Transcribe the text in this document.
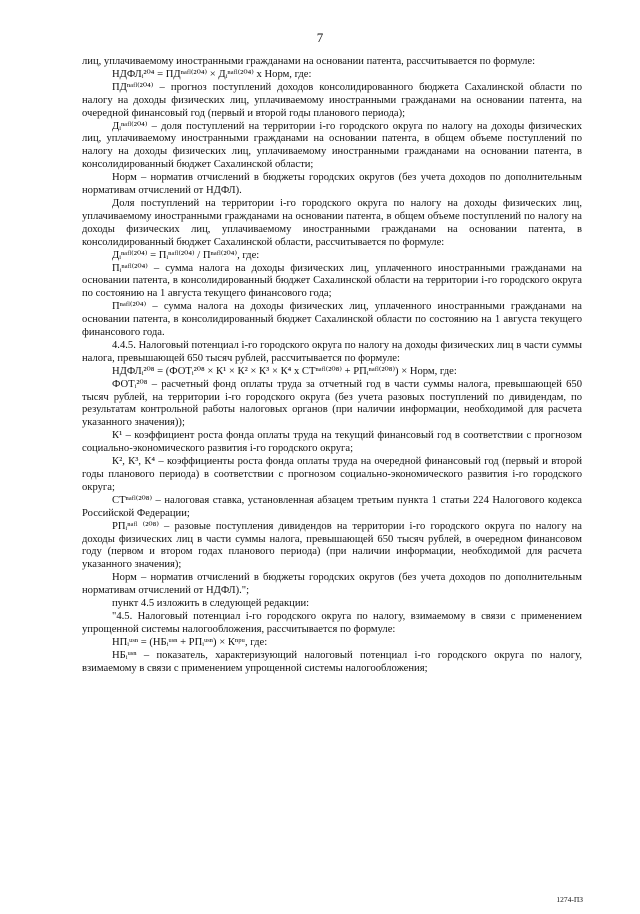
7

лиц, уплачиваемому иностранными гражданами на основании патента, рассчитывается по формуле:

НДФЛᵢ²⁰⁴ = ПДⁿᵃᶠˡ⁽²⁰⁴⁾ × Дᵢⁿᵃᶠˡ⁽²⁰⁴⁾ х Норм, где:

ПДⁿᵃᶠˡ⁽²⁰⁴⁾ – прогноз поступлений доходов консолидированного бюджета Сахалинской области по налогу на доходы физических лиц, уплачиваемому иностранными гражданами на основании патента, на очередной финансовый год (первый и второй годы планового периода);

Дᵢⁿᵃᶠˡ⁽²⁰⁴⁾ – доля поступлений на территории i-го городского округа по налогу на доходы физических лиц, уплачиваемому иностранными гражданами на основании патента, в общем объеме поступлений по налогу на доходы физических лиц, уплачиваемому иностранными гражданами на основании патента, в консолидированный бюджет Сахалинской области;

Норм – норматив отчислений в бюджеты городских округов (без учета доходов по дополнительным нормативам отчислений от НДФЛ).

Доля поступлений на территории i-го городского округа по налогу на доходы физических лиц, уплачиваемому иностранными гражданами на основании патента, в общем объеме поступлений по налогу на доходы физических лиц, уплачиваемому иностранными гражданами на основании патента, в консолидированный бюджет Сахалинской области, рассчитывается по формуле:

Дᵢⁿᵃᶠˡ⁽²⁰⁴⁾ = Пᵢⁿᵃᶠˡ⁽²⁰⁴⁾ / Пⁿᵃᶠˡ⁽²⁰⁴⁾, где:

Пᵢⁿᵃᶠˡ⁽²⁰⁴⁾ – сумма налога на доходы физических лиц, уплаченного иностранными гражданами на основании патента, в консолидированный бюджет Сахалинской области на территории i-го городского округа по состоянию на 1 августа текущего финансового года;

Пⁿᵃᶠˡ⁽²⁰⁴⁾ – сумма налога на доходы физических лиц, уплаченного иностранными гражданами на основании патента, в консолидированный бюджет Сахалинской области по состоянию на 1 августа текущего финансового года.

4.4.5. Налоговый потенциал i-го городского округа по налогу на доходы физических лиц в части суммы налога, превышающей 650 тысяч рублей, рассчитывается по формуле:

НДФЛᵢ²⁰⁸ = (ФОТᵢ²⁰⁸ × К¹ × К² × К³ × К⁴ х СТⁿᵃᶠˡ⁽²⁰⁸⁾ + РПᵢⁿᵃᶠˡ⁽²⁰⁸⁾) × Норм, где:

ФОТᵢ²⁰⁸ – расчетный фонд оплаты труда за отчетный год в части суммы налога, превышающей 650 тысяч рублей, на территории i-го городского округа (без учета разовых поступлений по дивидендам, по результатам контрольной работы налоговых органов (при наличии информации, необходимой для расчета указанного значения));

К¹ – коэффициент роста фонда оплаты труда на текущий финансовый год в соответствии с прогнозом социально-экономического развития i-го городского округа;

К², К³, К⁴ – коэффициенты роста фонда оплаты труда на очередной финансовый год (первый и второй годы планового периода) в соответствии с прогнозом социально-экономического развития i-го городского округа;

СТⁿᵃᶠˡ⁽²⁰⁸⁾ – налоговая ставка, установленная абзацем третьим пункта 1 статьи 224 Налогового кодекса Российской Федерации;

РПᵢⁿᵃᶠˡ ⁽²⁰⁸⁾ – разовые поступления дивидендов на территории i-го городского округа по налогу на доходы физических лиц в части суммы налога, превышающей 650 тысяч рублей, в очередном финансовом году (первом и втором годах планового периода) (при наличии информации, необходимой для расчета указанного значения);

Норм – норматив отчислений в бюджеты городских округов (без учета доходов по дополнительным нормативам отчислений от НДФЛ).";

пункт 4.5 изложить в следующей редакции:

"4.5. Налоговый потенциал i-го городского округа по налогу, взимаемому в связи с применением упрощенной системы налогообложения, рассчитывается по формуле:

НПᵢᵘˢⁿ = (НБᵢᵘˢⁿ + РПᵢᵘˢⁿ) × Кⁿᵖᵘ, где:

НБᵢᵘˢⁿ – показатель, характеризующий налоговый потенциал i-го городского округа по налогу, взимаемому в связи с применением упрощенной системы налогообложения;

1274-ПЗ
